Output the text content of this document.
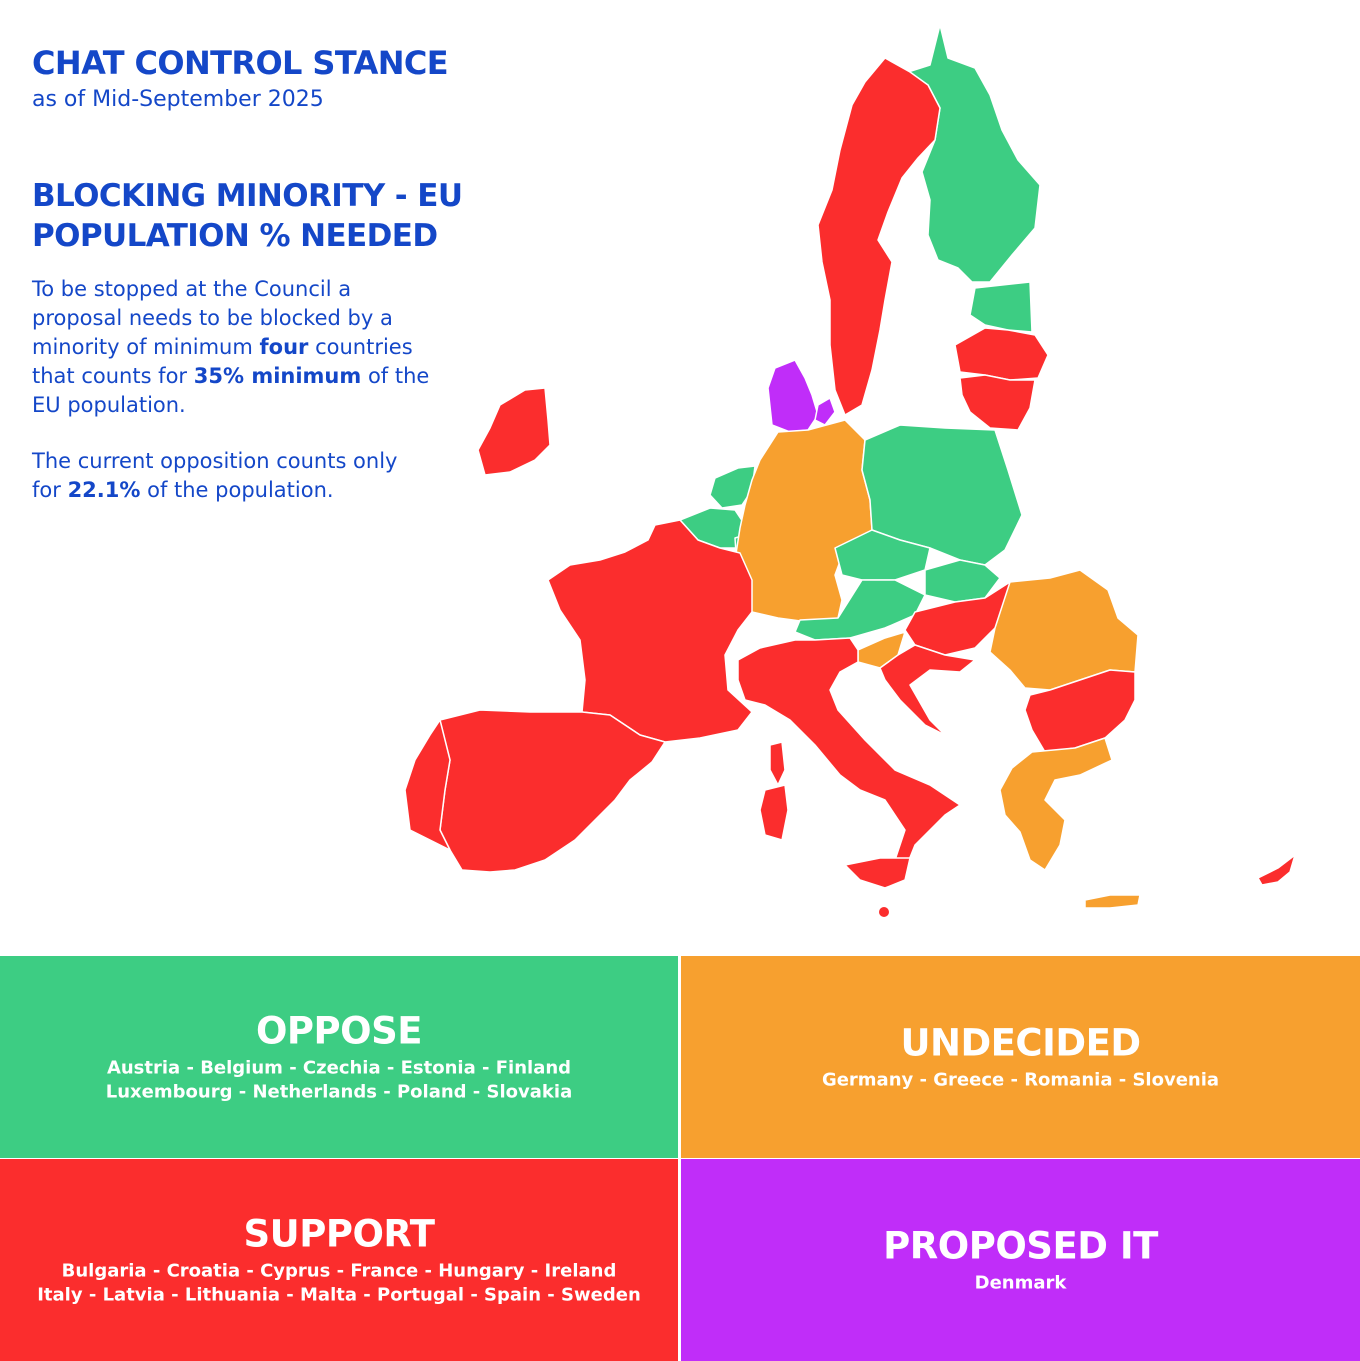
CHAT CONTROL STANCE
as of Mid-September 2025
BLOCKING MINORITY - EU POPULATION % NEEDED

To be stopped at the Council a proposal needs to be blocked by a minority of minimum four countries that counts for 35% minimum of the EU population.

The current opposition counts only for 22.1% of the population.

OPPOSE
Austria - Belgium - Czechia - Estonia - Finland
Luxembourg - Netherlands - Poland - Slovakia
UNDECIDED
Germany - Greece - Romania - Slovenia
SUPPORT
Bulgaria - Croatia - Cyprus - France - Hungary - Ireland
Italy - Latvia - Lithuania - Malta - Portugal - Spain - Sweden
PROPOSED IT
Denmark
